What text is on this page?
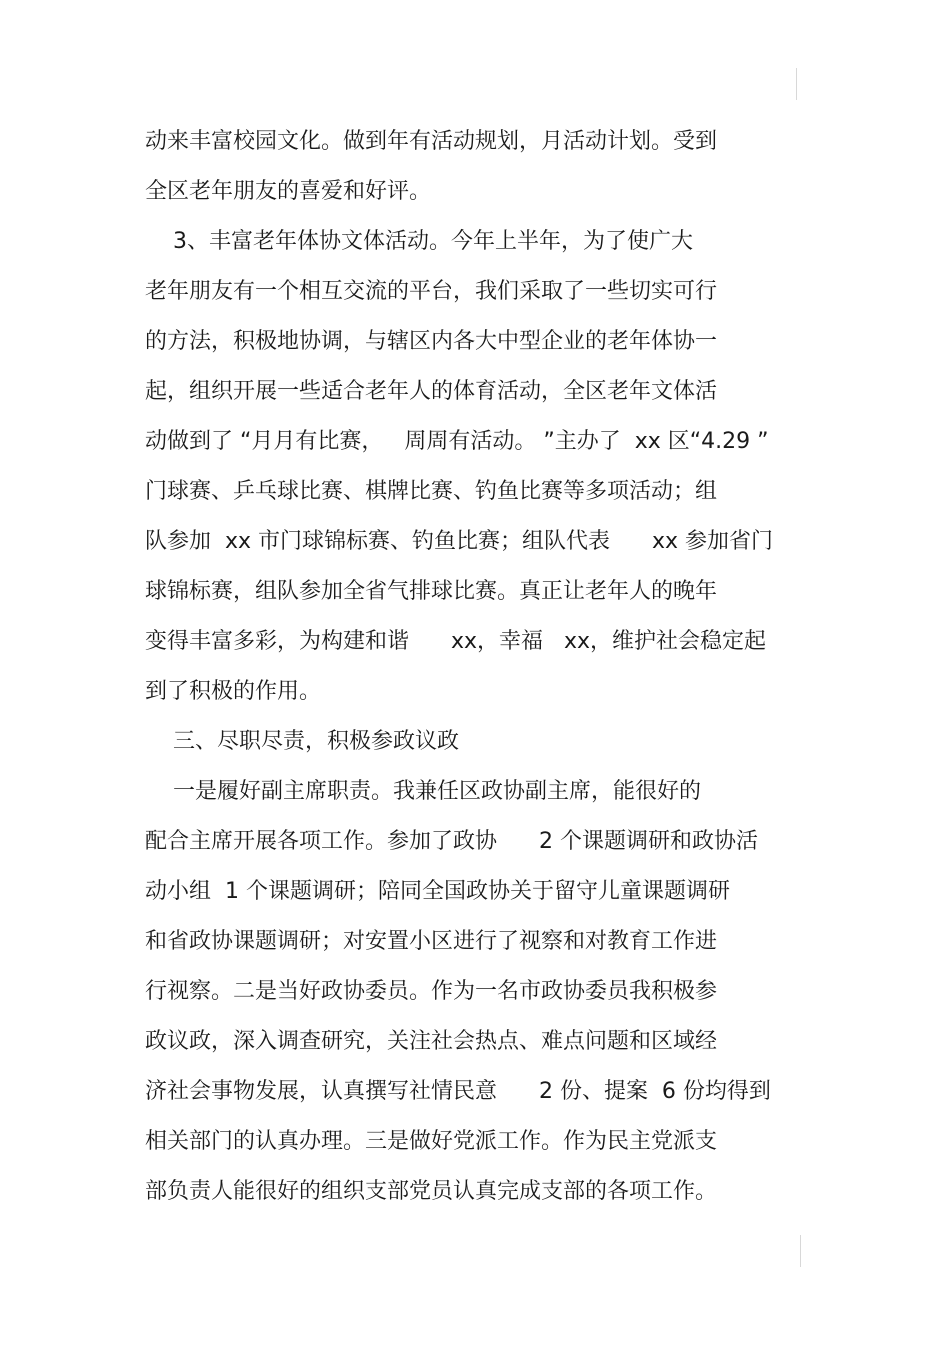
动来丰富校园文化。做到年有活动规划，月活动计划。受到
全区老年朋友的喜爱和好评。
3、丰富老年体协文体活动。今年上半年，为了使广大
老年朋友有一个相互交流的平台，我们采取了一些切实可行
的方法，积极地协调，与辖区内各大中型企业的老年体协一
起，组织开展一些适合老年人的体育活动，全区老年文体活
动做到了 “月月有比赛，   周周有活动。 ”主办了  xx 区“4.29 ”
门球赛、乒乓球比赛、棋牌比赛、钓鱼比赛等多项活动；组
队参加  xx 市门球锦标赛、钓鱼比赛；组队代表      xx 参加省门
球锦标赛，组队参加全省气排球比赛。真正让老年人的晚年
变得丰富多彩，为构建和谐      xx，幸福   xx，维护社会稳定起
到了积极的作用。
三、尽职尽责，积极参政议政
一是履好副主席职责。我兼任区政协副主席，能很好的
配合主席开展各项工作。参加了政协      2 个课题调研和政协活
动小组  1 个课题调研；陪同全国政协关于留守儿童课题调研
和省政协课题调研；对安置小区进行了视察和对教育工作进
行视察。二是当好政协委员。作为一名市政协委员我积极参
政议政，深入调查研究，关注社会热点、难点问题和区域经
济社会事物发展，认真撰写社情民意      2 份、提案  6 份均得到
相关部门的认真办理。三是做好党派工作。作为民主党派支
部负责人能很好的组织支部党员认真完成支部的各项工作。
